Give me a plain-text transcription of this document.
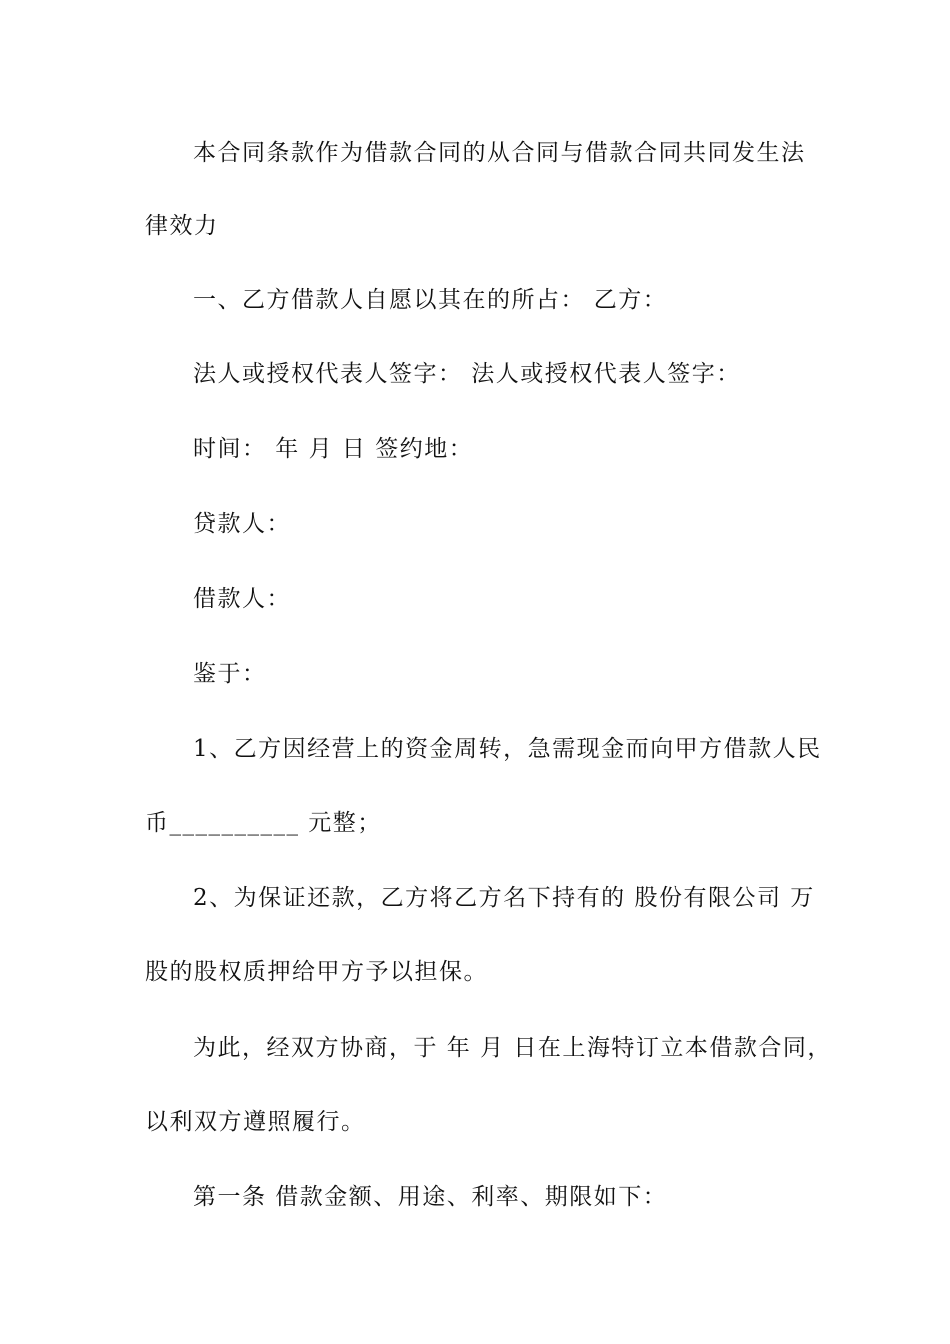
本合同条款作为借款合同的从合同与借款合同共同发生法
律效力
一、乙方借款人自愿以其在的所占： 乙方：
法人或授权代表人签字： 法人或授权代表人签字：
时间： 年 月 日 签约地：
贷款人：
借款人：
鉴于：
1、乙方因经营上的资金周转，急需现金而向甲方借款人民
币__________ 元整；
2、为保证还款，乙方将乙方名下持有的 股份有限公司 万
股的股权质押给甲方予以担保。
为此，经双方协商，于 年 月 日在上海特订立本借款合同，
以利双方遵照履行。
第一条 借款金额、用途、利率、期限如下：
